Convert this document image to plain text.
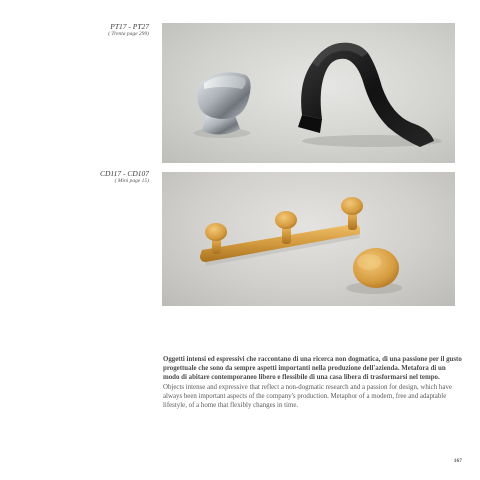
PT17 - PT27
( Trenta page 299)
CD117 - CD107
( Mini page 15)
Oggetti intensi ed espressivi che raccontano di una ricerca non dogmatica, di una passione per il gusto progettuale che sono da sempre aspetti importanti nella produzione dell'azienda. Metafora di un modo di abitare contemporaneo libero e flessibile di una casa libera di trasformarsi nel tempo.
Objects intense and expressive that reflect a non-dogmatic research and a passion for design, which have always been important aspects of the company's production. Metaphor of a modern, free and adaptable lifestyle, of a home that flexibly changes in time.
167
